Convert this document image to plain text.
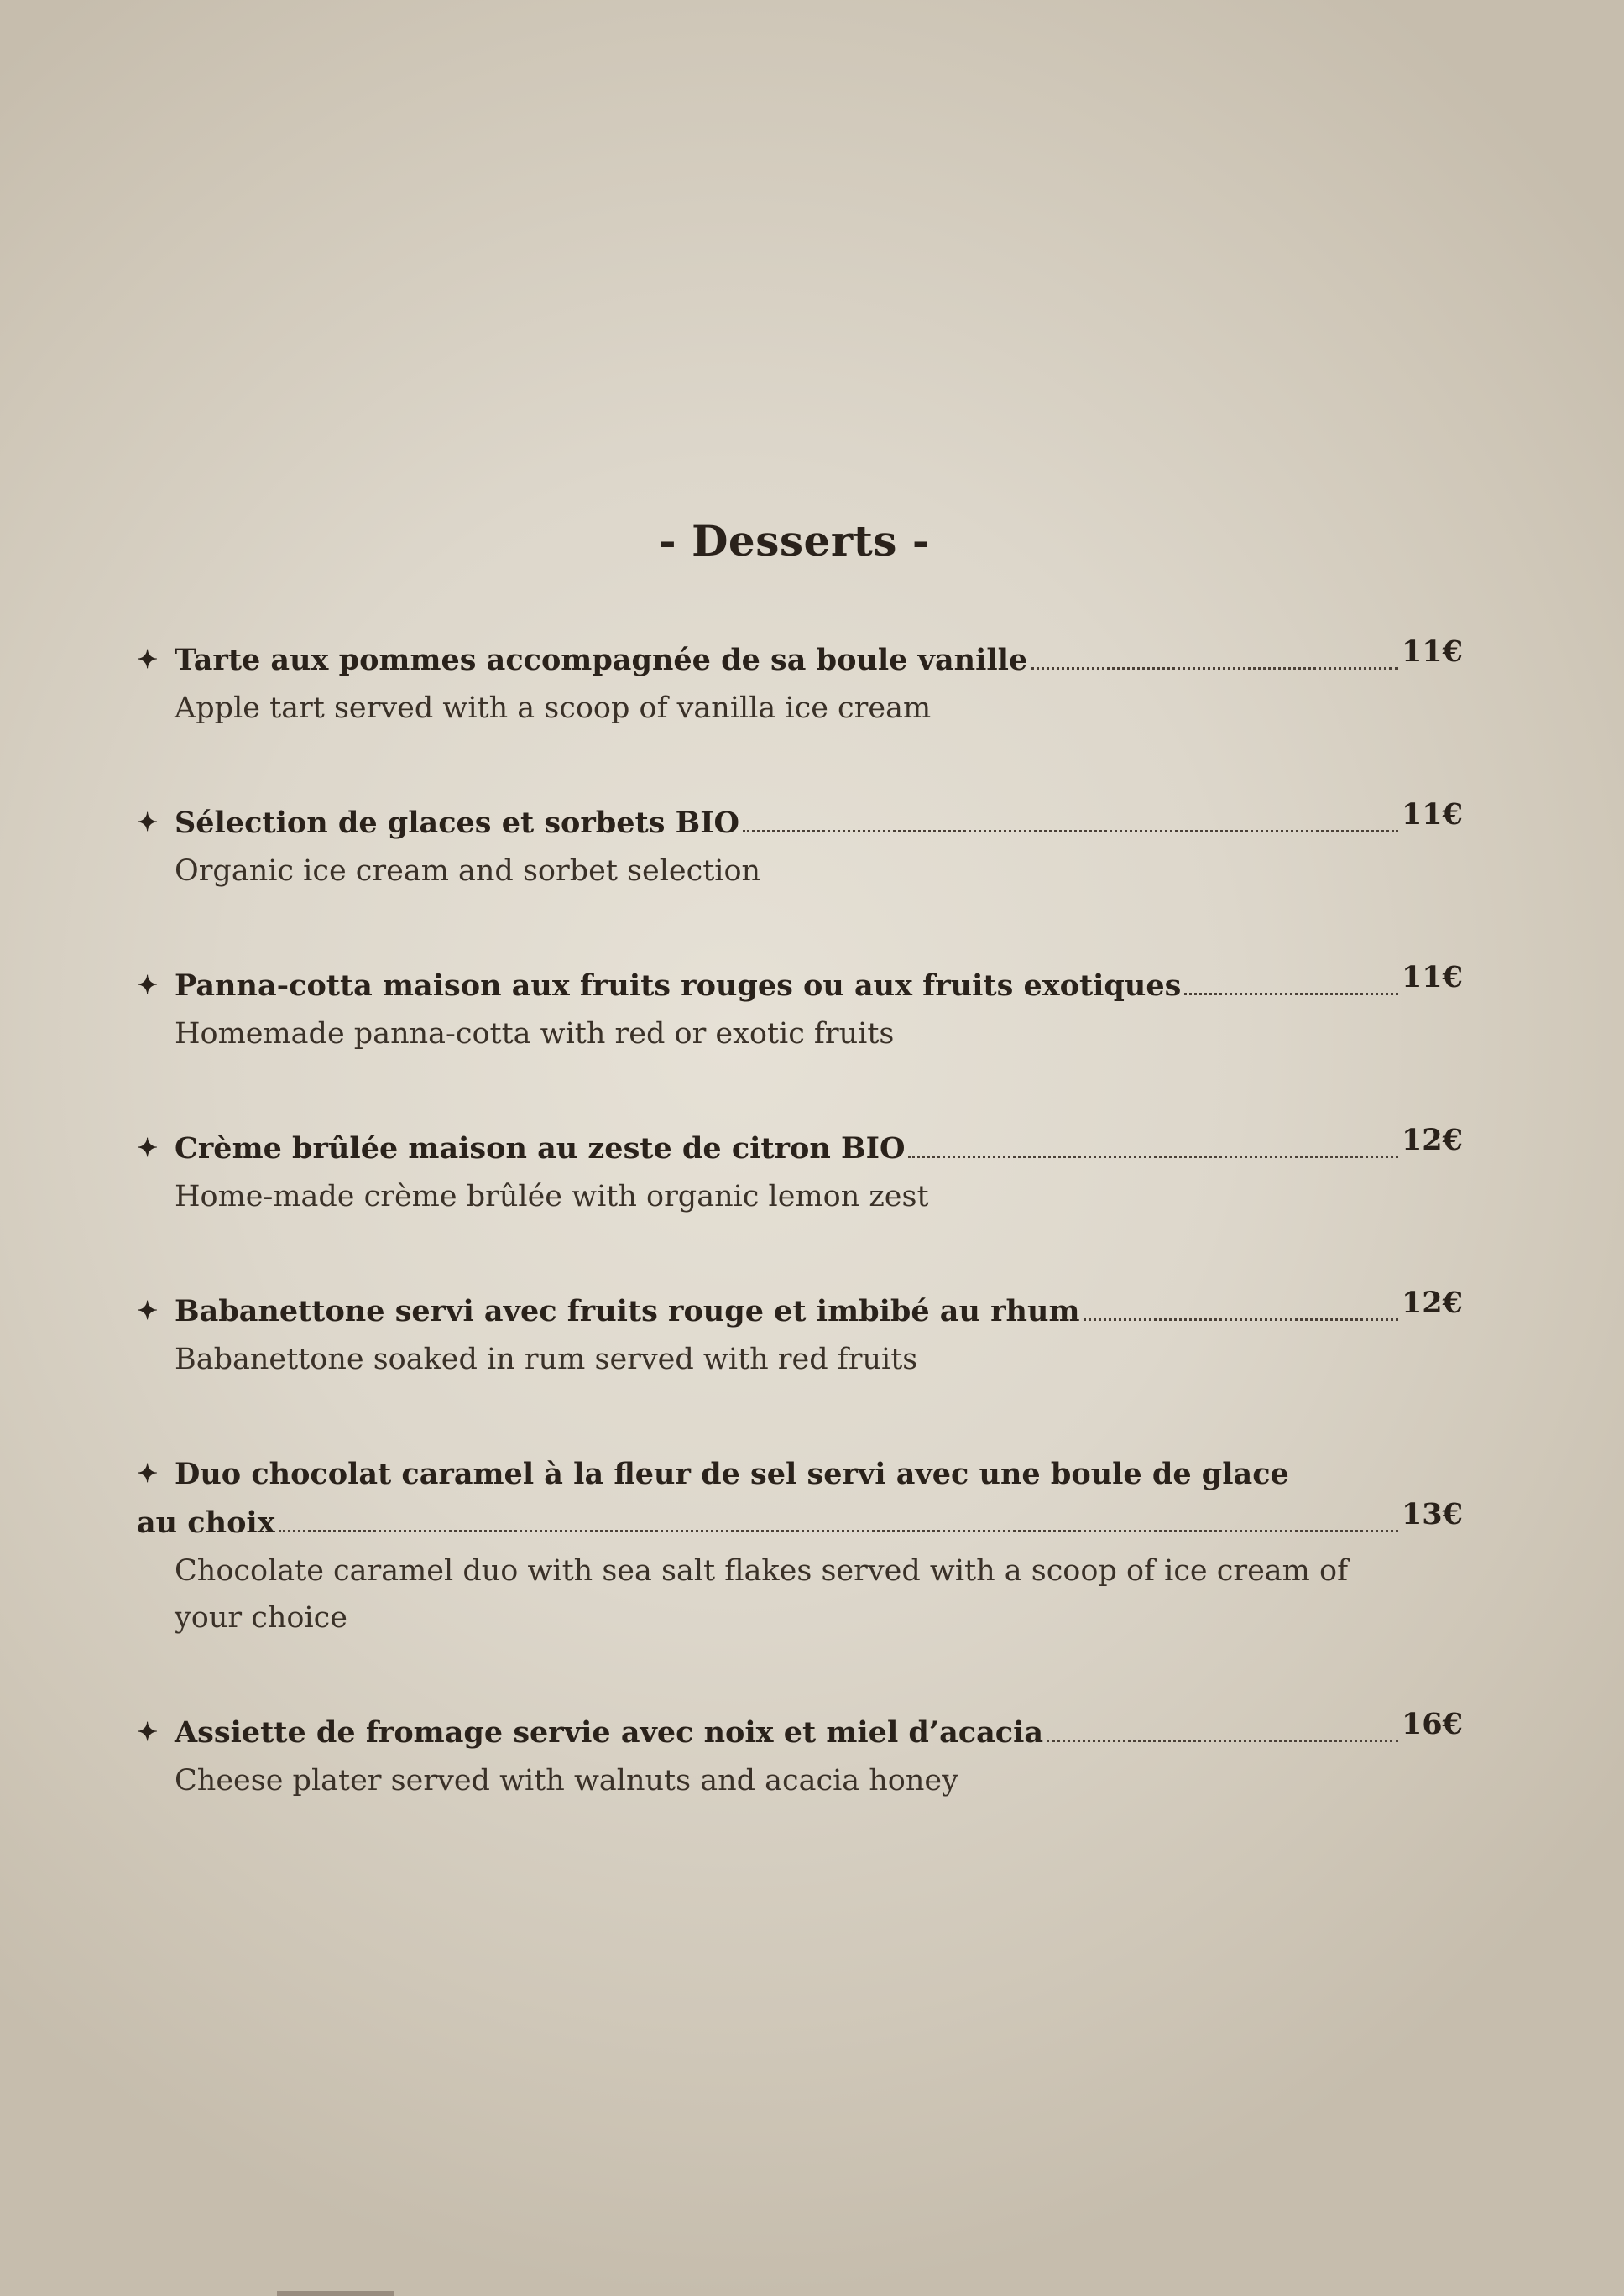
- Desserts -
✦ Tarte aux pommes accompagnée de sa boule vanille	11€
Apple tart served with a scoop of vanilla ice cream
✦ Sélection de glaces et sorbets BIO	11€
Organic ice cream and sorbet selection
✦ Panna-cotta maison aux fruits rouges ou aux fruits exotiques	11€
Homemade panna-cotta with red or exotic fruits
✦ Crème brûlée maison au zeste de citron BIO	12€
Home-made crème brûlée with organic lemon zest
✦ Babanettone servi avec fruits rouge et imbibé au rhum	12€
Babanettone soaked in rum served with red fruits
✦ Duo chocolat caramel à la fleur de sel servi avec une boule de glace
au choix	13€
Chocolate caramel duo with sea salt flakes served with a scoop of ice cream of
your choice
✦ Assiette de fromage servie avec noix et miel d’acacia	16€
Cheese plater served with walnuts and acacia honey
